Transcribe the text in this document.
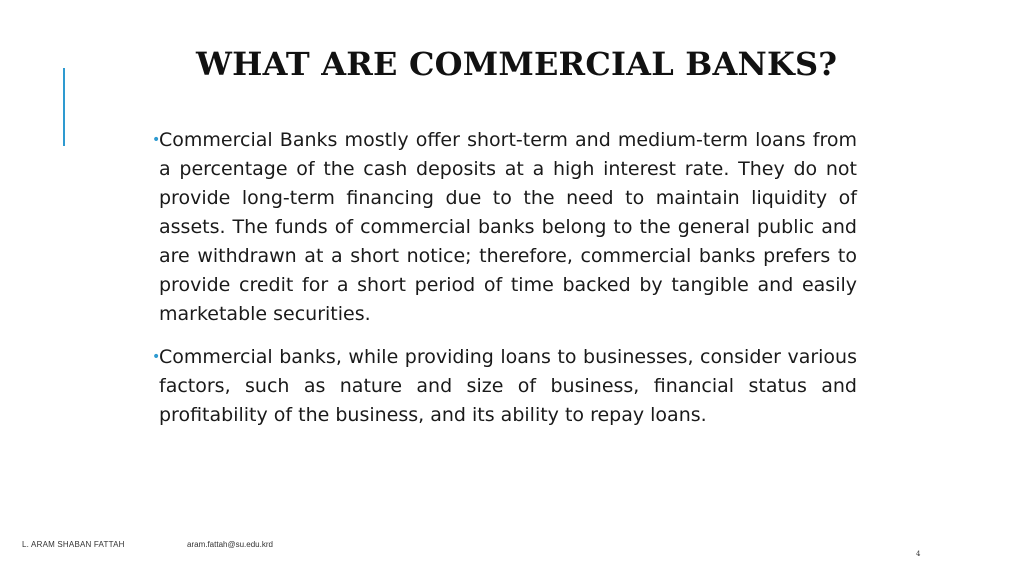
WHAT ARE COMMERCIAL BANKS?
•
Commercial Banks mostly offer short-term and medium-term loans from a percentage of the cash deposits at a high interest rate. They do not provide long-term financing due to the need to maintain liquidity of assets. The funds of commercial banks belong to the general public and are withdrawn at a short notice; therefore, commercial banks prefers to provide credit for a short period of time backed by tangible and easily marketable securities.
•
Commercial banks, while providing loans to businesses, consider various factors, such as nature and size of business, financial status and profitability of the business, and its ability to repay loans.
L. ARAM SHABAN FATTAH	aram.fattah@su.edu.krd
4
